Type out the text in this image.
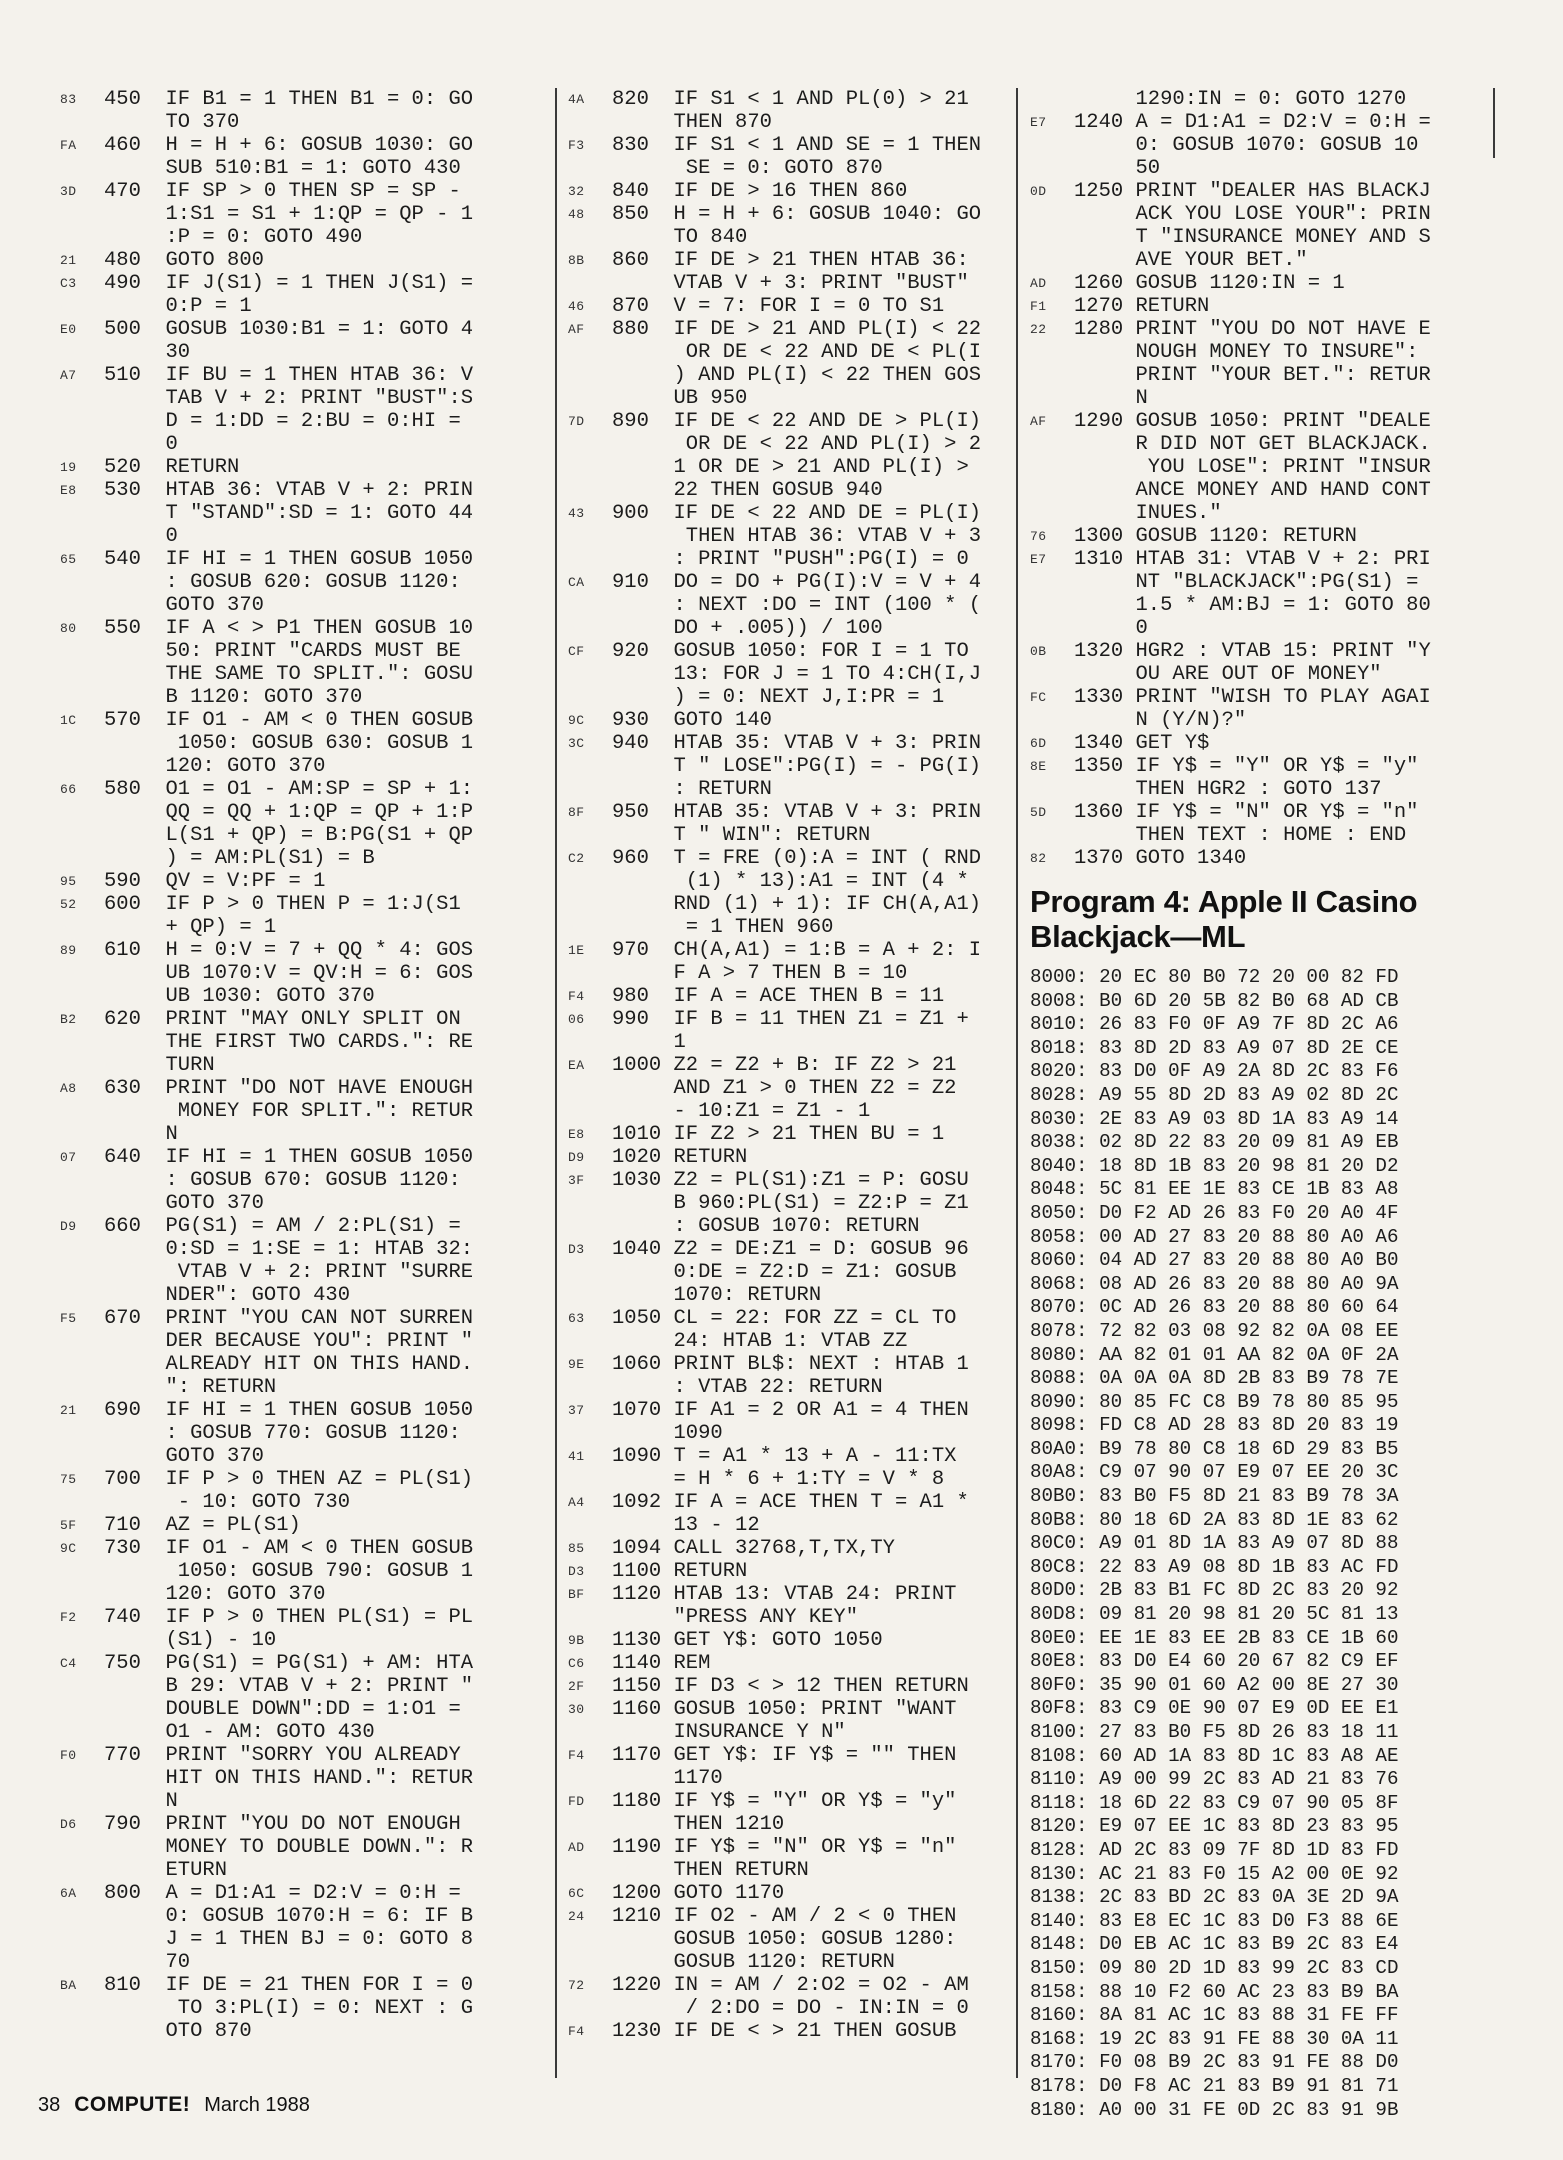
83	450  IF B1 = 1 THEN B1 = 0: GO
TO 370
FA	460  H = H + 6: GOSUB 1030: GO
SUB 510:B1 = 1: GOTO 430
3D	470  IF SP > 0 THEN SP = SP -
1:S1 = S1 + 1:QP = QP - 1
:P = 0: GOTO 490
21	480  GOTO 800
C3	490  IF J(S1) = 1 THEN J(S1) =
0:P = 1
E0	500  GOSUB 1030:B1 = 1: GOTO 4
30
A7	510  IF BU = 1 THEN HTAB 36: V
TAB V + 2: PRINT "BUST":S
D = 1:DD = 2:BU = 0:HI =
0
19	520  RETURN
E8	530  HTAB 36: VTAB V + 2: PRIN
T "STAND":SD = 1: GOTO 44
0
65	540  IF HI = 1 THEN GOSUB 1050
: GOSUB 620: GOSUB 1120:
GOTO 370
80	550  IF A < > P1 THEN GOSUB 10
50: PRINT "CARDS MUST BE
THE SAME TO SPLIT.": GOSU
B 1120: GOTO 370
1C	570  IF O1 - AM < 0 THEN GOSUB
1050: GOSUB 630: GOSUB 1
120: GOTO 370
66	580  O1 = O1 - AM:SP = SP + 1:
QQ = QQ + 1:QP = QP + 1:P
L(S1 + QP) = B:PG(S1 + QP
) = AM:PL(S1) = B
95	590  QV = V:PF = 1
52	600  IF P > 0 THEN P = 1:J(S1
+ QP) = 1
89	610  H = 0:V = 7 + QQ * 4: GOS
UB 1070:V = QV:H = 6: GOS
UB 1030: GOTO 370
B2	620  PRINT "MAY ONLY SPLIT ON
THE FIRST TWO CARDS.": RE
TURN
A8	630  PRINT "DO NOT HAVE ENOUGH
MONEY FOR SPLIT.": RETUR
N
07	640  IF HI = 1 THEN GOSUB 1050
: GOSUB 670: GOSUB 1120:
GOTO 370
D9	660  PG(S1) = AM / 2:PL(S1) =
0:SD = 1:SE = 1: HTAB 32:
VTAB V + 2: PRINT "SURRE
NDER": GOTO 430
F5	670  PRINT "YOU CAN NOT SURREN
DER BECAUSE YOU": PRINT "
ALREADY HIT ON THIS HAND.
": RETURN
21	690  IF HI = 1 THEN GOSUB 1050
: GOSUB 770: GOSUB 1120:
GOTO 370
75	700  IF P > 0 THEN AZ = PL(S1)
- 10: GOTO 730
5F	710  AZ = PL(S1)
9C	730  IF O1 - AM < 0 THEN GOSUB
1050: GOSUB 790: GOSUB 1
120: GOTO 370
F2	740  IF P > 0 THEN PL(S1) = PL
(S1) - 10
C4	750  PG(S1) = PG(S1) + AM: HTA
B 29: VTAB V + 2: PRINT "
DOUBLE DOWN":DD = 1:O1 =
O1 - AM: GOTO 430
F0	770  PRINT "SORRY YOU ALREADY
HIT ON THIS HAND.": RETUR
N
D6	790  PRINT "YOU DO NOT ENOUGH
MONEY TO DOUBLE DOWN.": R
ETURN
6A	800  A = D1:A1 = D2:V = 0:H =
0: GOSUB 1070:H = 6: IF B
J = 1 THEN BJ = 0: GOTO 8
70
BA	810  IF DE = 21 THEN FOR I = 0
TO 3:PL(I) = 0: NEXT : G
OTO 870
4A	820  IF S1 < 1 AND PL(0) > 21
THEN 870
F3	830  IF S1 < 1 AND SE = 1 THEN
SE = 0: GOTO 870
32	840  IF DE > 16 THEN 860
48	850  H = H + 6: GOSUB 1040: GO
TO 840
8B	860  IF DE > 21 THEN HTAB 36:
VTAB V + 3: PRINT "BUST"
46	870  V = 7: FOR I = 0 TO S1
AF	880  IF DE > 21 AND PL(I) < 22
OR DE < 22 AND DE < PL(I
) AND PL(I) < 22 THEN GOS
UB 950
7D	890  IF DE < 22 AND DE > PL(I)
OR DE < 22 AND PL(I) > 2
1 OR DE > 21 AND PL(I) >
22 THEN GOSUB 940
43	900  IF DE < 22 AND DE = PL(I)
THEN HTAB 36: VTAB V + 3
: PRINT "PUSH":PG(I) = 0
CA	910  DO = DO + PG(I):V = V + 4
: NEXT :DO = INT (100 * (
DO + .005)) / 100
CF	920  GOSUB 1050: FOR I = 1 TO
13: FOR J = 1 TO 4:CH(I,J
) = 0: NEXT J,I:PR = 1
9C	930  GOTO 140
3C	940  HTAB 35: VTAB V + 3: PRIN
T " LOSE":PG(I) = - PG(I)
: RETURN
8F	950  HTAB 35: VTAB V + 3: PRIN
T " WIN": RETURN
C2	960  T = FRE (0):A = INT ( RND
(1) * 13):A1 = INT (4 *
RND (1) + 1): IF CH(A,A1)
= 1 THEN 960
1E	970  CH(A,A1) = 1:B = A + 2: I
F A > 7 THEN B = 10
F4	980  IF A = ACE THEN B = 11
06	990  IF B = 11 THEN Z1 = Z1 +
1
EA	1000 Z2 = Z2 + B: IF Z2 > 21
AND Z1 > 0 THEN Z2 = Z2
- 10:Z1 = Z1 - 1
E8	1010 IF Z2 > 21 THEN BU = 1
D9	1020 RETURN
3F	1030 Z2 = PL(S1):Z1 = P: GOSU
B 960:PL(S1) = Z2:P = Z1
: GOSUB 1070: RETURN
D3	1040 Z2 = DE:Z1 = D: GOSUB 96
0:DE = Z2:D = Z1: GOSUB
1070: RETURN
63	1050 CL = 22: FOR ZZ = CL TO
24: HTAB 1: VTAB ZZ
9E	1060 PRINT BL$: NEXT : HTAB 1
: VTAB 22: RETURN
37	1070 IF A1 = 2 OR A1 = 4 THEN
1090
41	1090 T = A1 * 13 + A - 11:TX
= H * 6 + 1:TY = V * 8
A4	1092 IF A = ACE THEN T = A1 *
13 - 12
85	1094 CALL 32768,T,TX,TY
D3	1100 RETURN
BF	1120 HTAB 13: VTAB 24: PRINT
"PRESS ANY KEY"
9B	1130 GET Y$: GOTO 1050
C6	1140 REM
2F	1150 IF D3 < > 12 THEN RETURN
30	1160 GOSUB 1050: PRINT "WANT
INSURANCE Y N"
F4	1170 GET Y$: IF Y$ = "" THEN
1170
FD	1180 IF Y$ = "Y" OR Y$ = "y"
THEN 1210
AD	1190 IF Y$ = "N" OR Y$ = "n"
THEN RETURN
6C	1200 GOTO 1170
24	1210 IF O2 - AM / 2 < 0 THEN
GOSUB 1050: GOSUB 1280:
GOSUB 1120: RETURN
72	1220 IN = AM / 2:O2 = O2 - AM
/ 2:DO = DO - IN:IN = 0
F4	1230 IF DE < > 21 THEN GOSUB
1290:IN = 0: GOTO 1270
E7	1240 A = D1:A1 = D2:V = 0:H =
0: GOSUB 1070: GOSUB 10
50
0D	1250 PRINT "DEALER HAS BLACKJ
ACK YOU LOSE YOUR": PRIN
T "INSURANCE MONEY AND S
AVE YOUR BET."
AD	1260 GOSUB 1120:IN = 1
F1	1270 RETURN
22	1280 PRINT "YOU DO NOT HAVE E
NOUGH MONEY TO INSURE":
PRINT "YOUR BET.": RETUR
N
AF	1290 GOSUB 1050: PRINT "DEALE
R DID NOT GET BLACKJACK.
YOU LOSE": PRINT "INSUR
ANCE MONEY AND HAND CONT
INUES."
76	1300 GOSUB 1120: RETURN
E7	1310 HTAB 31: VTAB V + 2: PRI
NT "BLACKJACK":PG(S1) =
1.5 * AM:BJ = 1: GOTO 80
0
0B	1320 HGR2 : VTAB 15: PRINT "Y
OU ARE OUT OF MONEY"
FC	1330 PRINT "WISH TO PLAY AGAI
N (Y/N)?"
6D	1340 GET Y$
8E	1350 IF Y$ = "Y" OR Y$ = "y"
THEN HGR2 : GOTO 137
5D	1360 IF Y$ = "N" OR Y$ = "n"
THEN TEXT : HOME : END
82	1370 GOTO 1340
Program 4: Apple II Casino Blackjack—ML
8000: 20 EC 80 B0 72 20 00 82 FD
8008: B0 6D 20 5B 82 B0 68 AD CB
8010: 26 83 F0 0F A9 7F 8D 2C A6
8018: 83 8D 2D 83 A9 07 8D 2E CE
8020: 83 D0 0F A9 2A 8D 2C 83 F6
8028: A9 55 8D 2D 83 A9 02 8D 2C
8030: 2E 83 A9 03 8D 1A 83 A9 14
8038: 02 8D 22 83 20 09 81 A9 EB
8040: 18 8D 1B 83 20 98 81 20 D2
8048: 5C 81 EE 1E 83 CE 1B 83 A8
8050: D0 F2 AD 26 83 F0 20 A0 4F
8058: 00 AD 27 83 20 88 80 A0 A6
8060: 04 AD 27 83 20 88 80 A0 B0
8068: 08 AD 26 83 20 88 80 A0 9A
8070: 0C AD 26 83 20 88 80 60 64
8078: 72 82 03 08 92 82 0A 08 EE
8080: AA 82 01 01 AA 82 0A 0F 2A
8088: 0A 0A 0A 8D 2B 83 B9 78 7E
8090: 80 85 FC C8 B9 78 80 85 95
8098: FD C8 AD 28 83 8D 20 83 19
80A0: B9 78 80 C8 18 6D 29 83 B5
80A8: C9 07 90 07 E9 07 EE 20 3C
80B0: 83 B0 F5 8D 21 83 B9 78 3A
80B8: 80 18 6D 2A 83 8D 1E 83 62
80C0: A9 01 8D 1A 83 A9 07 8D 88
80C8: 22 83 A9 08 8D 1B 83 AC FD
80D0: 2B 83 B1 FC 8D 2C 83 20 92
80D8: 09 81 20 98 81 20 5C 81 13
80E0: EE 1E 83 EE 2B 83 CE 1B 60
80E8: 83 D0 E4 60 20 67 82 C9 EF
80F0: 35 90 01 60 A2 00 8E 27 30
80F8: 83 C9 0E 90 07 E9 0D EE E1
8100: 27 83 B0 F5 8D 26 83 18 11
8108: 60 AD 1A 83 8D 1C 83 A8 AE
8110: A9 00 99 2C 83 AD 21 83 76
8118: 18 6D 22 83 C9 07 90 05 8F
8120: E9 07 EE 1C 83 8D 23 83 95
8128: AD 2C 83 09 7F 8D 1D 83 FD
8130: AC 21 83 F0 15 A2 00 0E 92
8138: 2C 83 BD 2C 83 0A 3E 2D 9A
8140: 83 E8 EC 1C 83 D0 F3 88 6E
8148: D0 EB AC 1C 83 B9 2C 83 E4
8150: 09 80 2D 1D 83 99 2C 83 CD
8158: 88 10 F2 60 AC 23 83 B9 BA
8160: 8A 81 AC 1C 83 88 31 FE FF
8168: 19 2C 83 91 FE 88 30 0A 11
8170: F0 08 B9 2C 83 91 FE 88 D0
8178: D0 F8 AC 21 83 B9 91 81 71
8180: A0 00 31 FE 0D 2C 83 91 9B
38 COMPUTE! March 1988
